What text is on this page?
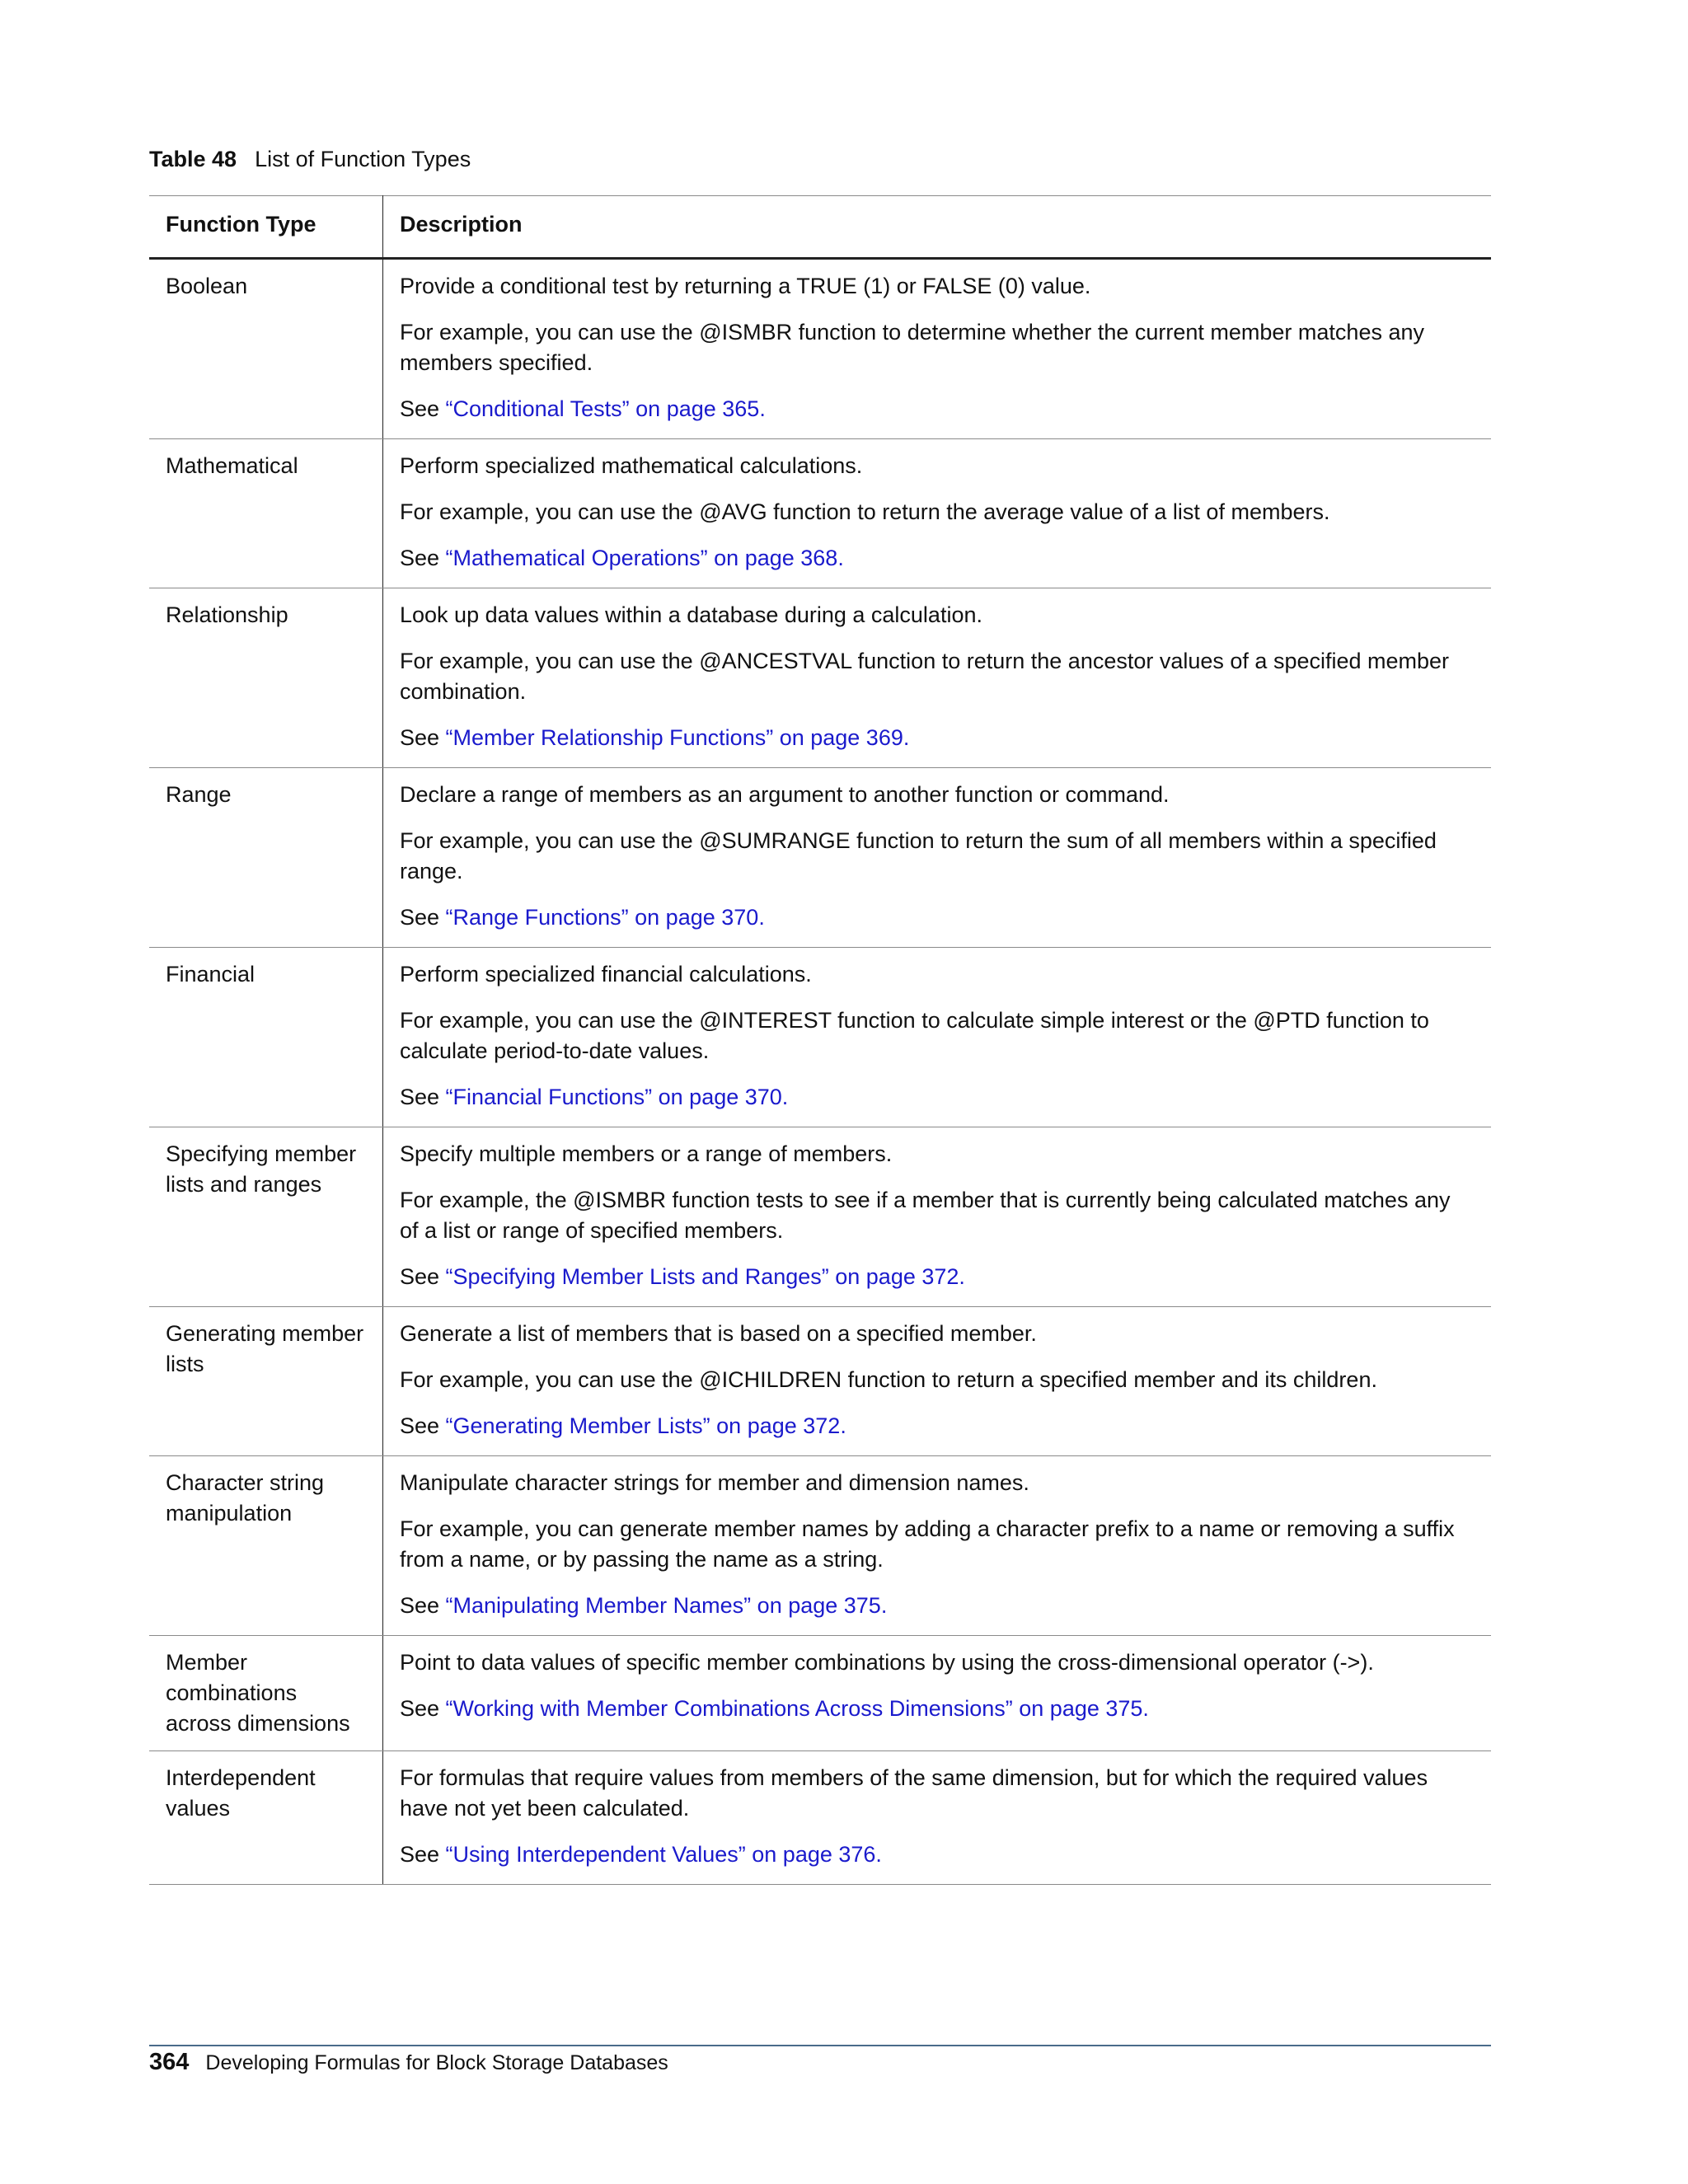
Table 48 List of Function Types
Function Type	Description
Boolean	Provide a conditional test by returning a TRUE (1) or FALSE (0) value.

For example, you can use the @ISMBR function to determine whether the current member matches any members specified.

See “Conditional Tests” on page 365.

Mathematical	Perform specialized mathematical calculations.

For example, you can use the @AVG function to return the average value of a list of members.

See “Mathematical Operations” on page 368.

Relationship	Look up data values within a database during a calculation.

For example, you can use the @ANCESTVAL function to return the ancestor values of a specified member combination.

See “Member Relationship Functions” on page 369.

Range	Declare a range of members as an argument to another function or command.

For example, you can use the @SUMRANGE function to return the sum of all members within a specified range.

See “Range Functions” on page 370.

Financial	Perform specialized financial calculations.

For example, you can use the @INTEREST function to calculate simple interest or the @PTD function to calculate period-to-date values.

See “Financial Functions” on page 370.

Specifying member lists and ranges	Specify multiple members or a range of members.

For example, the @ISMBR function tests to see if a member that is currently being calculated matches any of a list or range of specified members.

See “Specifying Member Lists and Ranges” on page 372.

Generating member lists	Generate a list of members that is based on a specified member.

For example, you can use the @ICHILDREN function to return a specified member and its children.

See “Generating Member Lists” on page 372.

Character string manipulation	Manipulate character strings for member and dimension names.

For example, you can generate member names by adding a character prefix to a name or removing a suffix from a name, or by passing the name as a string.

See “Manipulating Member Names” on page 375.

Member combinations across dimensions	Point to data values of specific member combinations by using the cross-dimensional operator (->).

See “Working with Member Combinations Across Dimensions” on page 375.

Interdependent values	For formulas that require values from members of the same dimension, but for which the required values have not yet been calculated.

See “Using Interdependent Values” on page 376.

364 Developing Formulas for Block Storage Databases
